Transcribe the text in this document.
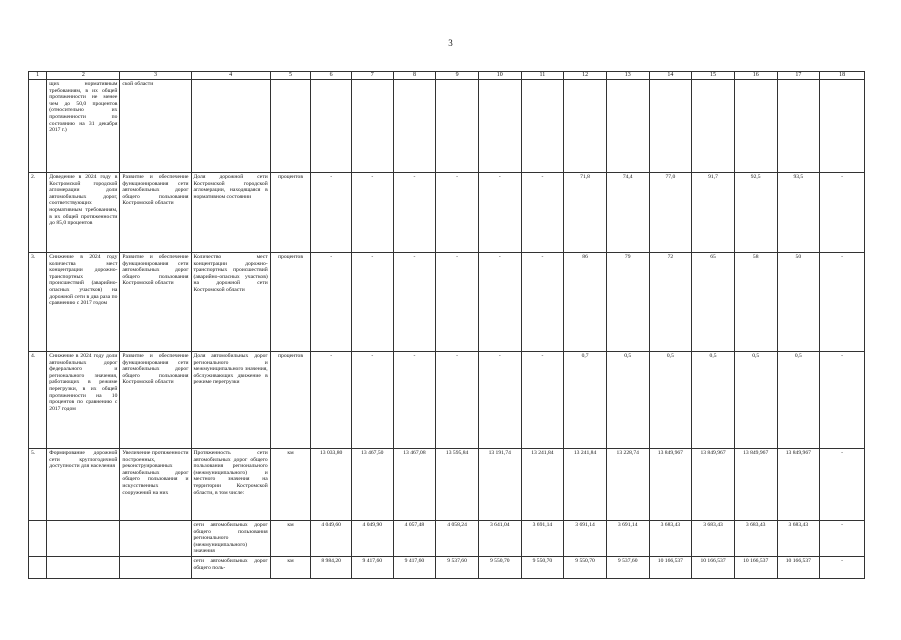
3
1	2	3	4	5	6	7	8	9	10	11	12	13	14	15	16	17	18
	щих нормативным требованиям, в их общей протяженности не менее чем до 50,0 процентов (относительно их протяженности по состоянию на 31 декабря 2017 г.)	ской области															
2.	Доведение в 2024 году в Костромской городской агломерации доли автомобильных дорог, соответствующих нормативным требованиям, в их общей протяженности до 85,0 процентов	Развитие и обеспечение функционирования сети автомобильных дорог общего пользования Костромской области	Доля дорожной сети Костромской городской агломерации, находящаяся в нормативном состоянии	процентов	-	-	-	-	-	-	71,8	74,4	77,0	91,7	92,5	93,5	-
3.	Снижение в 2024 году количества мест концентрации дорожно-транспортных происшествий (аварийно-опасных участков) на дорожной сети в два раза по сравнению с 2017 годом	Развитие и обеспечение функционирования сети автомобильных дорог общего пользования Костромской области	Количество мест концентрации дорожно-транспортных происшествий (аварийно-опасных участков) на дорожной сети Костромской области	процентов	-	-	-	-	-	-	86	79	72	65	58	50	-
4.	Снижение в 2024 году доли автомобильных дорог федерального и регионального значения, работающих в режиме перегрузки, в их общей протяженности на 10 процентов по сравнению с 2017 годом	Развитие и обеспечение функционирования сети автомобильных дорог общего пользования Костромской области	Доля автомобильных дорог регионального и межмуниципального значения, обслуживающих движение в режиме перегрузки	процентов	-	-	-	-	-	-	0,7	0,5	0,5	0,5	0,5	0,5	-
5.	Формирование дорожной сети круглогодичной доступности для населения	Увеличение протяженности построенных, реконструированных автомобильных дорог общего пользования и искусственных сооружений на них	Протяженность сети автомобильных дорог общего пользования регионального (межмуниципального) и местного значения на территории Костромской области, в том числе:	км	13 033,80	13 467,50	13 467,08	13 595,84	13 191,74	13 241,84	13 241,84	13 228,74	13 849,967	13 849,967	13 849,967	13 849,967	-
			сети автомобильных дорог общего пользования регионального (межмуниципального) значения	км	4 049,60	4 049,90	4 057,48	4 058,24	3 641,04	3 691,14	3 691,14	3 691,14	3 683,43	3 683,43	3 683,43	3 683,43	-
			сети автомобильных дорог общего поль-	км	8 984,20	9 417,60	9 417,60	9 537,60	9 550,70	9 550,70	9 550,70	9 537,60	10 166,537	10 166,537	10 166,537	10 166,537	-
